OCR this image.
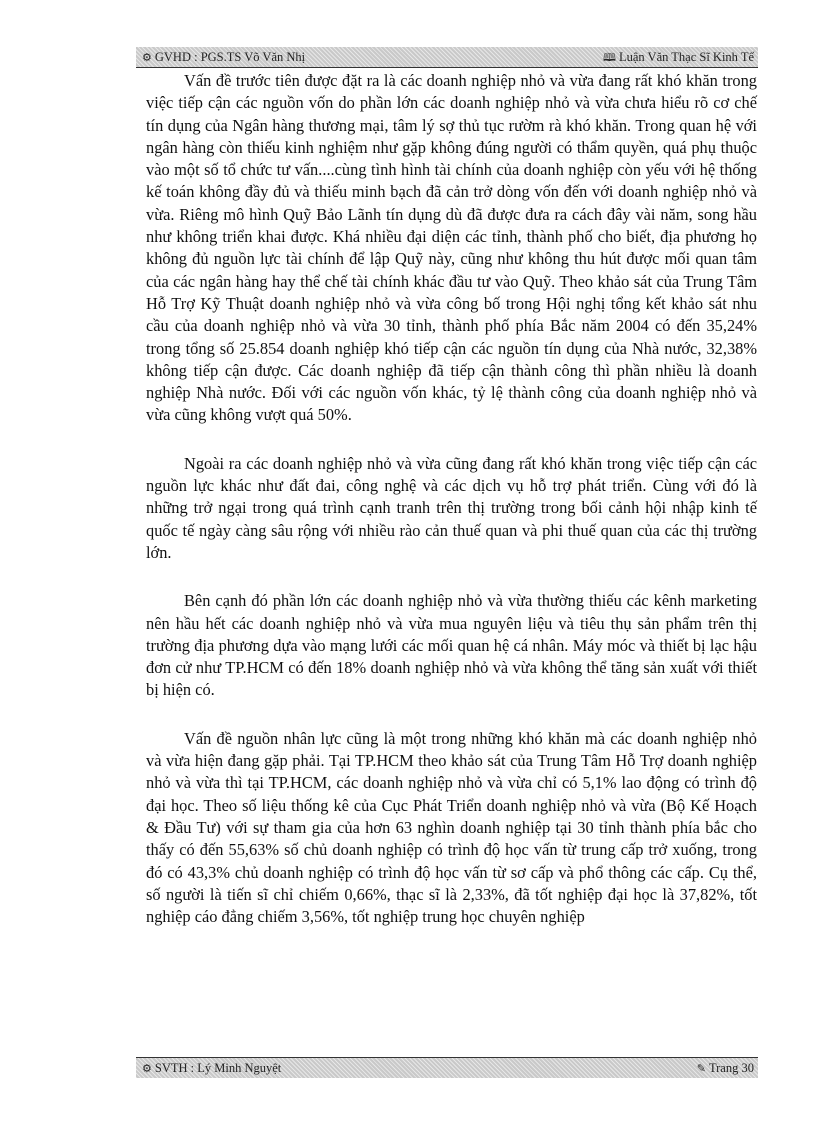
⚙ GVHD : PGS.TS Võ Văn Nhị	🕮 Luận Văn Thạc Sĩ Kinh Tế

Vấn đề trước tiên được đặt ra là các doanh nghiệp nhỏ và vừa đang rất khó khăn trong việc tiếp cận các nguồn vốn do phần lớn các doanh nghiệp nhỏ và vừa chưa hiểu rõ cơ chế tín dụng của Ngân hàng thương mại, tâm lý sợ thủ tục rườm rà khó khăn. Trong quan hệ với ngân hàng còn thiếu kinh nghiệm như gặp không đúng người có thẩm quyền, quá phụ thuộc vào một số tổ chức tư vấn....cùng tình hình tài chính của doanh nghiệp còn yếu với hệ thống kế toán không đầy đủ và thiếu minh bạch đã cản trở dòng vốn đến với doanh nghiệp nhỏ và vừa. Riêng mô hình Quỹ Bảo Lãnh tín dụng dù đã được đưa ra cách đây vài năm, song hầu như không triển khai được. Khá nhiều đại diện các tỉnh, thành phố cho biết, địa phương họ không đủ nguồn lực tài chính để lập Quỹ này, cũng như không thu hút được mối quan tâm của các ngân hàng hay thể chế tài chính khác đầu tư vào Quỹ. Theo khảo sát của Trung Tâm Hỗ Trợ Kỹ Thuật doanh nghiệp nhỏ và vừa công bố trong Hội nghị tổng kết khảo sát nhu cầu của doanh nghiệp nhỏ và vừa 30 tỉnh, thành phố phía Bắc năm 2004 có đến 35,24% trong tổng số 25.854 doanh nghiệp khó tiếp cận các nguồn tín dụng của Nhà nước, 32,38% không tiếp cận được. Các doanh nghiệp đã tiếp cận thành công thì phần nhiều là doanh nghiệp Nhà nước. Đối với các nguồn vốn khác, tỷ lệ thành công của doanh nghiệp nhỏ và vừa cũng không vượt quá 50%.

Ngoài ra các doanh nghiệp nhỏ và vừa cũng đang rất khó khăn trong việc tiếp cận các nguồn lực khác như đất đai, công nghệ và các dịch vụ hỗ trợ phát triển. Cùng với đó là những trở ngại trong quá trình cạnh tranh trên thị trường trong bối cảnh hội nhập kinh tế quốc tế ngày càng sâu rộng với nhiều rào cản thuế quan và phi thuế quan của các thị trường lớn.

Bên cạnh đó phần lớn các doanh nghiệp nhỏ và vừa thường thiếu các kênh marketing nên hầu hết các doanh nghiệp nhỏ và vừa mua nguyên liệu và tiêu thụ sản phẩm trên thị trường địa phương dựa vào mạng lưới các mối quan hệ cá nhân. Máy móc và thiết bị lạc hậu đơn cử như TP.HCM có đến 18% doanh nghiệp nhỏ và vừa không thể tăng sản xuất với thiết bị hiện có.

Vấn đề nguồn nhân lực cũng là một trong những khó khăn mà các doanh nghiệp nhỏ và vừa hiện đang gặp phải. Tại TP.HCM theo khảo sát của Trung Tâm Hỗ Trợ doanh nghiệp nhỏ và vừa thì tại TP.HCM, các doanh nghiệp nhỏ và vừa chỉ có 5,1% lao động có trình độ đại học. Theo số liệu thống kê của Cục Phát Triển doanh nghiệp nhỏ và vừa (Bộ Kế Hoạch & Đầu Tư) với sự tham gia của hơn 63 nghìn doanh nghiệp tại 30 tỉnh thành phía bắc cho thấy có đến 55,63% số chủ doanh nghiệp có trình độ học vấn từ trung cấp trở xuống, trong đó có 43,3% chủ doanh nghiệp có trình độ học vấn từ sơ cấp và phổ thông các cấp. Cụ thể, số người là tiến sĩ chỉ chiếm 0,66%, thạc sĩ là 2,33%, đã tốt nghiệp đại học là 37,82%, tốt nghiệp cáo đẳng chiếm 3,56%, tốt nghiệp trung học chuyên nghiệp

⚙ SVTH : Lý Minh Nguyệt	✎ Trang 30
